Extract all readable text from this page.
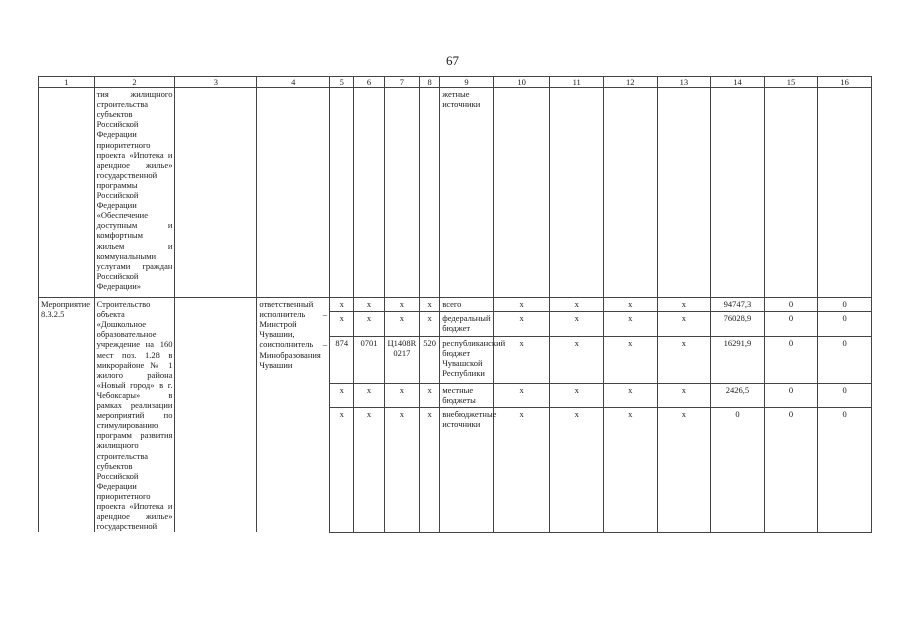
67
1	2	3	4	5	6	7	8	9	10	11	12	13	14	15	16
	тия жилищного строительства субъектов Российской Федерации приоритетного проекта «Ипотека и арендное жилье» государственной программы Российской Федерации «Обеспечение доступным и комфортным жильем и коммунальными услугами граждан Российской Федерации»							жетные источники							
Мероприятие 8.3.2.5	Строительство объекта «Дошкольное образовательное учреждение на 160 мест поз. 1.28 в микрорайоне № 1 жилого района «Новый город» в г. Чебоксары» в рамках реализации мероприятий по стимулированию программ развития жилищного строительства субъектов Российской Федерации приоритетного проекта «Ипотека и арендное жилье» государственной		ответственный исполнитель – Минстрой Чувашии, соисполнитель – Минобразования Чувашии	x	x	x	x	всего	x	x	x	x	94747,3	0	0
				x	x	x	x	федеральный бюджет	x	x	x	x	76028,9	0	0
				874	0701	Ц1408R0217	520	республиканский бюджет Чувашской Республики	x	x	x	x	16291,9	0	0
				x	x	x	x	местные бюджеты	x	x	x	x	2426,5	0	0
				x	x	x	x	внебюджетные источники	x	x	x	x	0	0	0
